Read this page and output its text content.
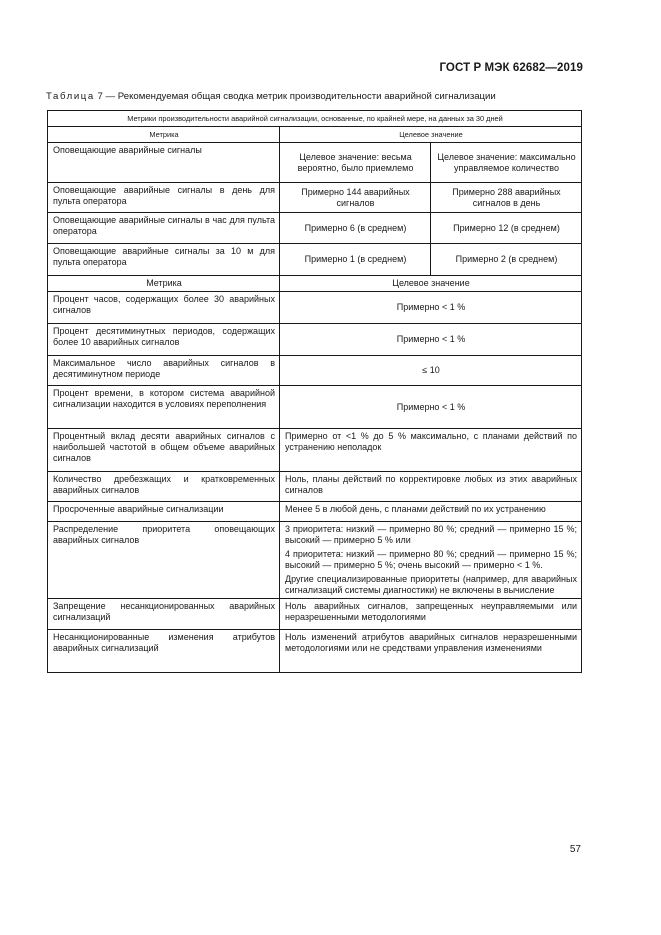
ГОСТ Р МЭК 62682—2019
Таблица 7 — Рекомендуемая общая сводка метрик производительности аварийной сигнализации
Метрики производительности аварийной сигнализации, основанные, по крайней мере, на данных за 30 дней		
Метрика	Целевое значение	
Оповещающие аварийные сигналы	Целевое значение: весьма вероятно, было приемлемо	Целевое значение: максимально управляемое количество
Оповещающие аварийные сигналы в день для пульта оператора	Примерно 144 аварийных сигналов	Примерно 288 аварийных сигналов в день
Оповещающие аварийные сигналы в час для пульта оператора	Примерно 6 (в среднем)	Примерно 12 (в среднем)
Оповещающие аварийные сигналы за 10 м для пульта оператора	Примерно 1 (в среднем)	Примерно 2 (в среднем)
Метрика	Целевое значение	
Процент часов, содержащих более 30 аварийных сигналов	Примерно < 1 %	
Процент десятиминутных периодов, содержащих более 10 аварийных сигналов	Примерно < 1 %	
Максимальное число аварийных сигналов в десятиминутном периоде	≤ 10	
Процент времени, в котором система аварийной сигнализации находится в условиях переполнения	Примерно < 1 %	
Процентный вклад десяти аварийных сигналов с наибольшей частотой в общем объеме аварийных сигналов	Примерно от <1 % до 5 % максимально, с планами действий по устранению неполадок	
Количество дребезжащих и кратковременных аварийных сигналов	Ноль, планы действий по корректировке любых из этих аварийных сигналов	
Просроченные аварийные сигнализации	Менее 5 в любой день, с планами действий по их устранению	
Распределение приоритета оповещающих аварийных сигналов	3 приоритета: низкий — примерно 80 %; средний — примерно 15 %; высокий — примерно 5 % или
4 приоритета: низкий — примерно 80 %; средний — примерно 15 %; высокий — примерно 5 %; очень высокий — примерно < 1 %.
Другие специализированные приоритеты (например, для аварийных сигнализаций системы диагностики) не включены в вычисление	

Запрещение несанкционированных аварийных сигнализаций	Ноль аварийных сигналов, запрещенных неуправляемыми или неразрешенными методологиями	
Несанкционированные изменения атрибутов аварийных сигнализаций	Ноль изменений атрибутов аварийных сигналов неразрешенными методологиями или не средствами управления изменениями	
57
